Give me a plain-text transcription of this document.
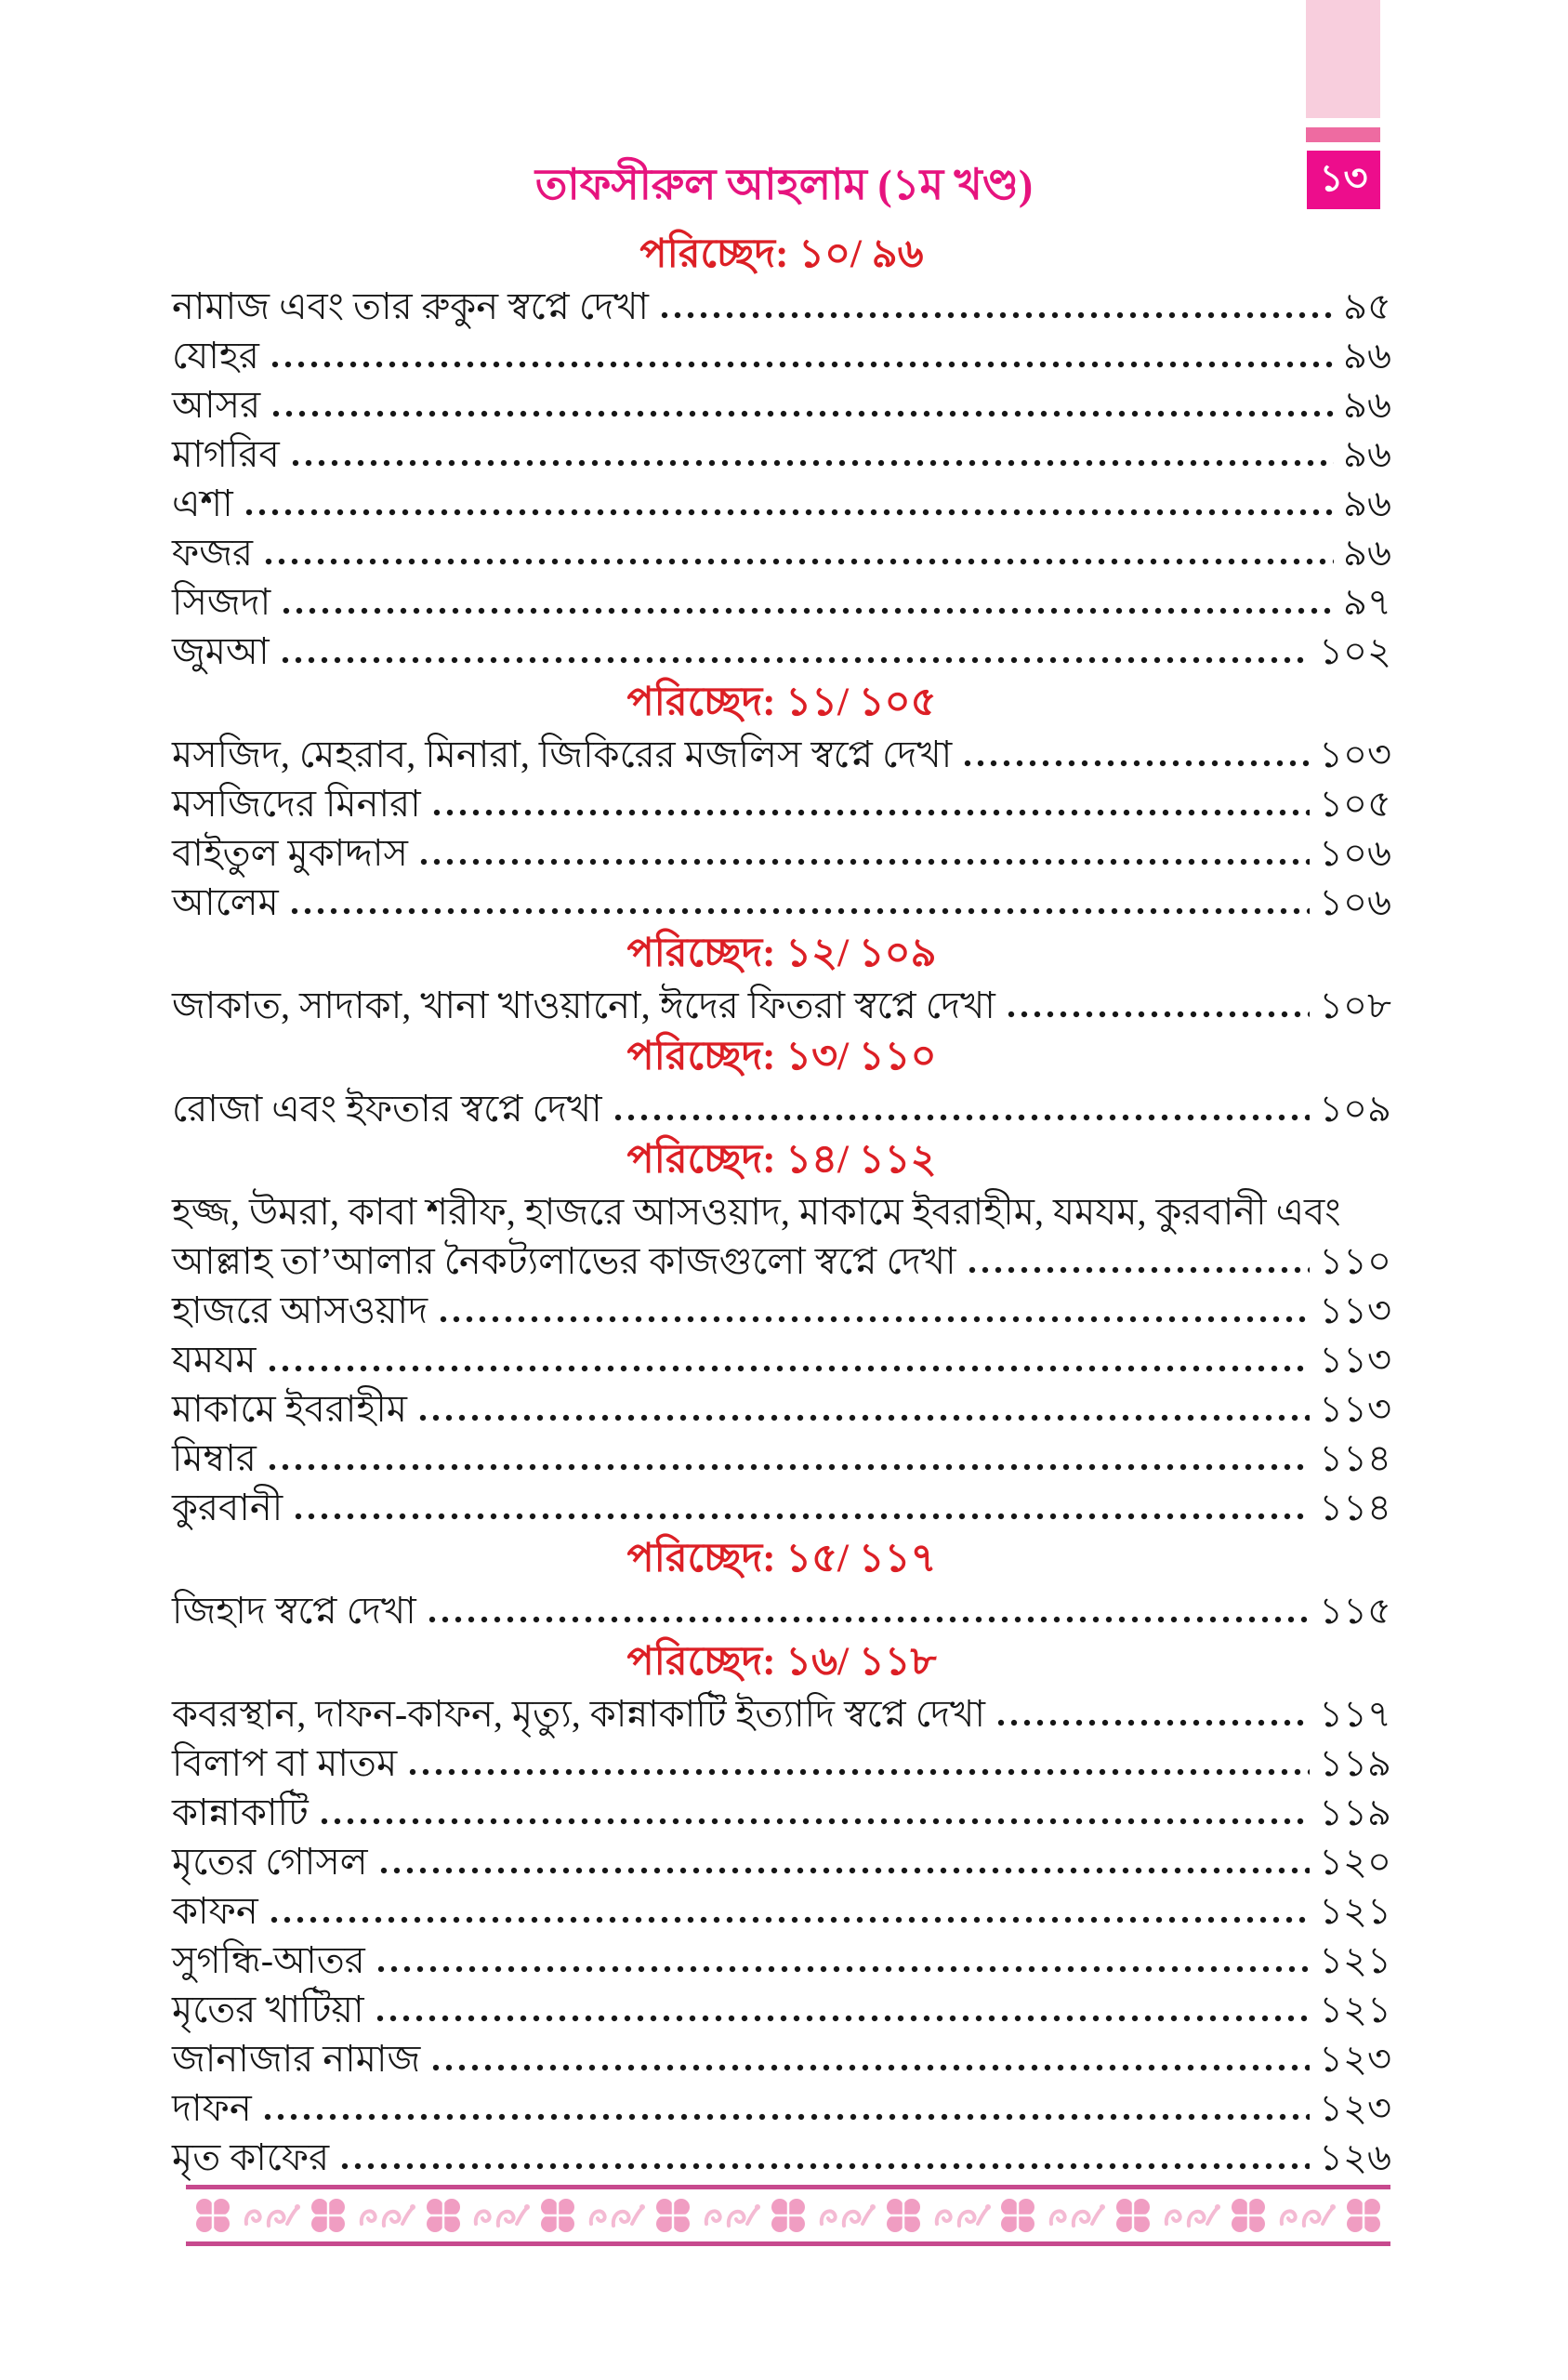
১৩
তাফসীরুল আহলাম (১ম খণ্ড)
পরিচ্ছেদ: ১০/ ৯৬
নামাজ এবং তার রুকুন স্বপ্নে দেখা	৯৫
যোহর	৯৬
আসর	৯৬
মাগরিব	৯৬
এশা	৯৬
ফজর	৯৬
সিজদা	৯৭
জুমআ	১০২
পরিচ্ছেদ: ১১/ ১০৫
মসজিদ, মেহরাব, মিনারা, জিকিরের মজলিস স্বপ্নে দেখা	১০৩
মসজিদের মিনারা	১০৫
বাইতুল মুকাদ্দাস	১০৬
আলেম	১০৬
পরিচ্ছেদ: ১২/ ১০৯
জাকাত, সাদাকা, খানা খাওয়ানো, ঈদের ফিতরা স্বপ্নে দেখা	১০৮
পরিচ্ছেদ: ১৩/ ১১০
রোজা এবং ইফতার স্বপ্নে দেখা	১০৯
পরিচ্ছেদ: ১৪/ ১১২
হজ্জ, উমরা, কাবা শরীফ, হাজরে আসওয়াদ, মাকামে ইবরাহীম, যমযম, কুরবানী এবং
আল্লাহ তা’আলার নৈকট্যলাভের কাজগুলো স্বপ্নে দেখা	১১০
হাজরে আসওয়াদ	১১৩
যমযম	১১৩
মাকামে ইবরাহীম	১১৩
মিম্বার	১১৪
কুরবানী	১১৪
পরিচ্ছেদ: ১৫/ ১১৭
জিহাদ স্বপ্নে দেখা	১১৫
পরিচ্ছেদ: ১৬/ ১১৮
কবরস্থান, দাফন-কাফন, মৃত্যু, কান্নাকাটি ইত্যাদি স্বপ্নে দেখা	১১৭
বিলাপ বা মাতম	১১৯
কান্নাকাটি	১১৯
মৃতের গোসল	১২০
কাফন	১২১
সুগন্ধি-আতর	১২১
মৃতের খাটিয়া	১২১
জানাজার নামাজ	১২৩
দাফন	১২৩
মৃত কাফের	১২৬
